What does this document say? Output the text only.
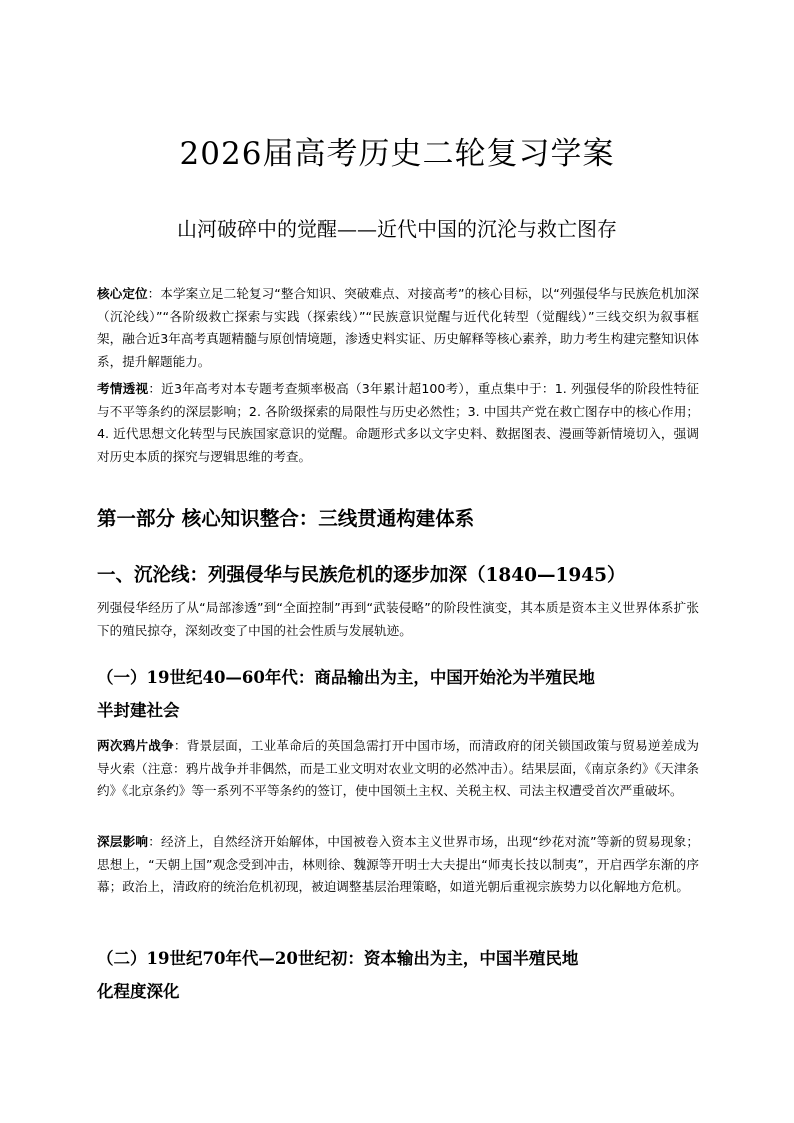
2026届高考历史二轮复习学案
山河破碎中的觉醒——近代中国的沉沦与救亡图存
核心定位：本学案立足二轮复习“整合知识、突破难点、对接高考”的核心目标，以“列强侵华与民族危机加深（沉沦线）”“各阶级救亡探索与实践（探索线）”“民族意识觉醒与近代化转型（觉醒线）”三线交织为叙事框架，融合近3年高考真题精髓与原创情境题，渗透史料实证、历史解释等核心素养，助力考生构建完整知识体系，提升解题能力。
考情透视：近3年高考对本专题考查频率极高（3年累计超100考），重点集中于：1. 列强侵华的阶段性特征与不平等条约的深层影响；2. 各阶级探索的局限性与历史必然性；3. 中国共产党在救亡图存中的核心作用；4. 近代思想文化转型与民族国家意识的觉醒。命题形式多以文字史料、数据图表、漫画等新情境切入，强调对历史本质的探究与逻辑思维的考查。
第一部分 核心知识整合：三线贯通构建体系
一、沉沦线：列强侵华与民族危机的逐步加深（1840—1945）
列强侵华经历了从“局部渗透”到“全面控制”再到“武装侵略”的阶段性演变，其本质是资本主义世界体系扩张下的殖民掠夺，深刻改变了中国的社会性质与发展轨迹。
（一）19世纪40—60年代：商品输出为主，中国开始沦为半殖民地
半封建社会
两次鸦片战争：背景层面，工业革命后的英国急需打开中国市场，而清政府的闭关锁国政策与贸易逆差成为导火索（注意：鸦片战争并非偶然，而是工业文明对农业文明的必然冲击）。结果层面，《南京条约》《天津条约》《北京条约》等一系列不平等条约的签订，使中国领土主权、关税主权、司法主权遭受首次严重破坏。
深层影响：经济上，自然经济开始解体，中国被卷入资本主义世界市场，出现“纱花对流”等新的贸易现象；思想上，“天朝上国”观念受到冲击，林则徐、魏源等开明士大夫提出“师夷长技以制夷”，开启西学东渐的序幕；政治上，清政府的统治危机初现，被迫调整基层治理策略，如道光朝后重视宗族势力以化解地方危机。
（二）19世纪70年代—20世纪初：资本输出为主，中国半殖民地
化程度深化
